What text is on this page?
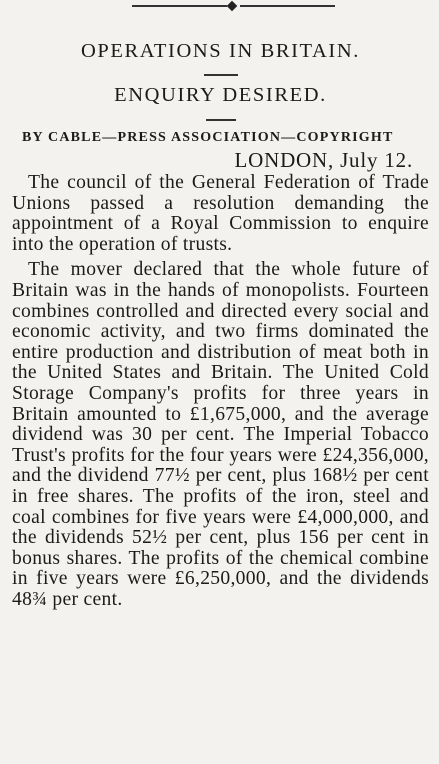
OPERATIONS IN BRITAIN.
ENQUIRY DESIRED.
BY CABLE—PRESS ASSOCIATION—COPYRIGHT
LONDON, July 12.

The council of the General Federation of Trade Unions passed a resolution demanding the appointment of a Royal Commission to enquire into the operation of trusts.

The mover declared that the whole future of Britain was in the hands of monopolists. Fourteen combines controlled and directed every social and economic activity, and two firms dominated the entire production and distribution of meat both in the United States and Britain. The United Cold Storage Company's profits for three years in Britain amounted to £1,675,000, and the average dividend was 30 per cent. The Imperial Tobacco Trust's profits for the four years were £24,356,000, and the dividend 77½ per cent, plus 168½ per cent in free shares. The profits of the iron, steel and coal combines for five years were £4,000,000, and the dividends 52½ per cent, plus 156 per cent in bonus shares. The profits of the chemical combine in five years were £6,250,000, and the dividends 48¾ per cent.
